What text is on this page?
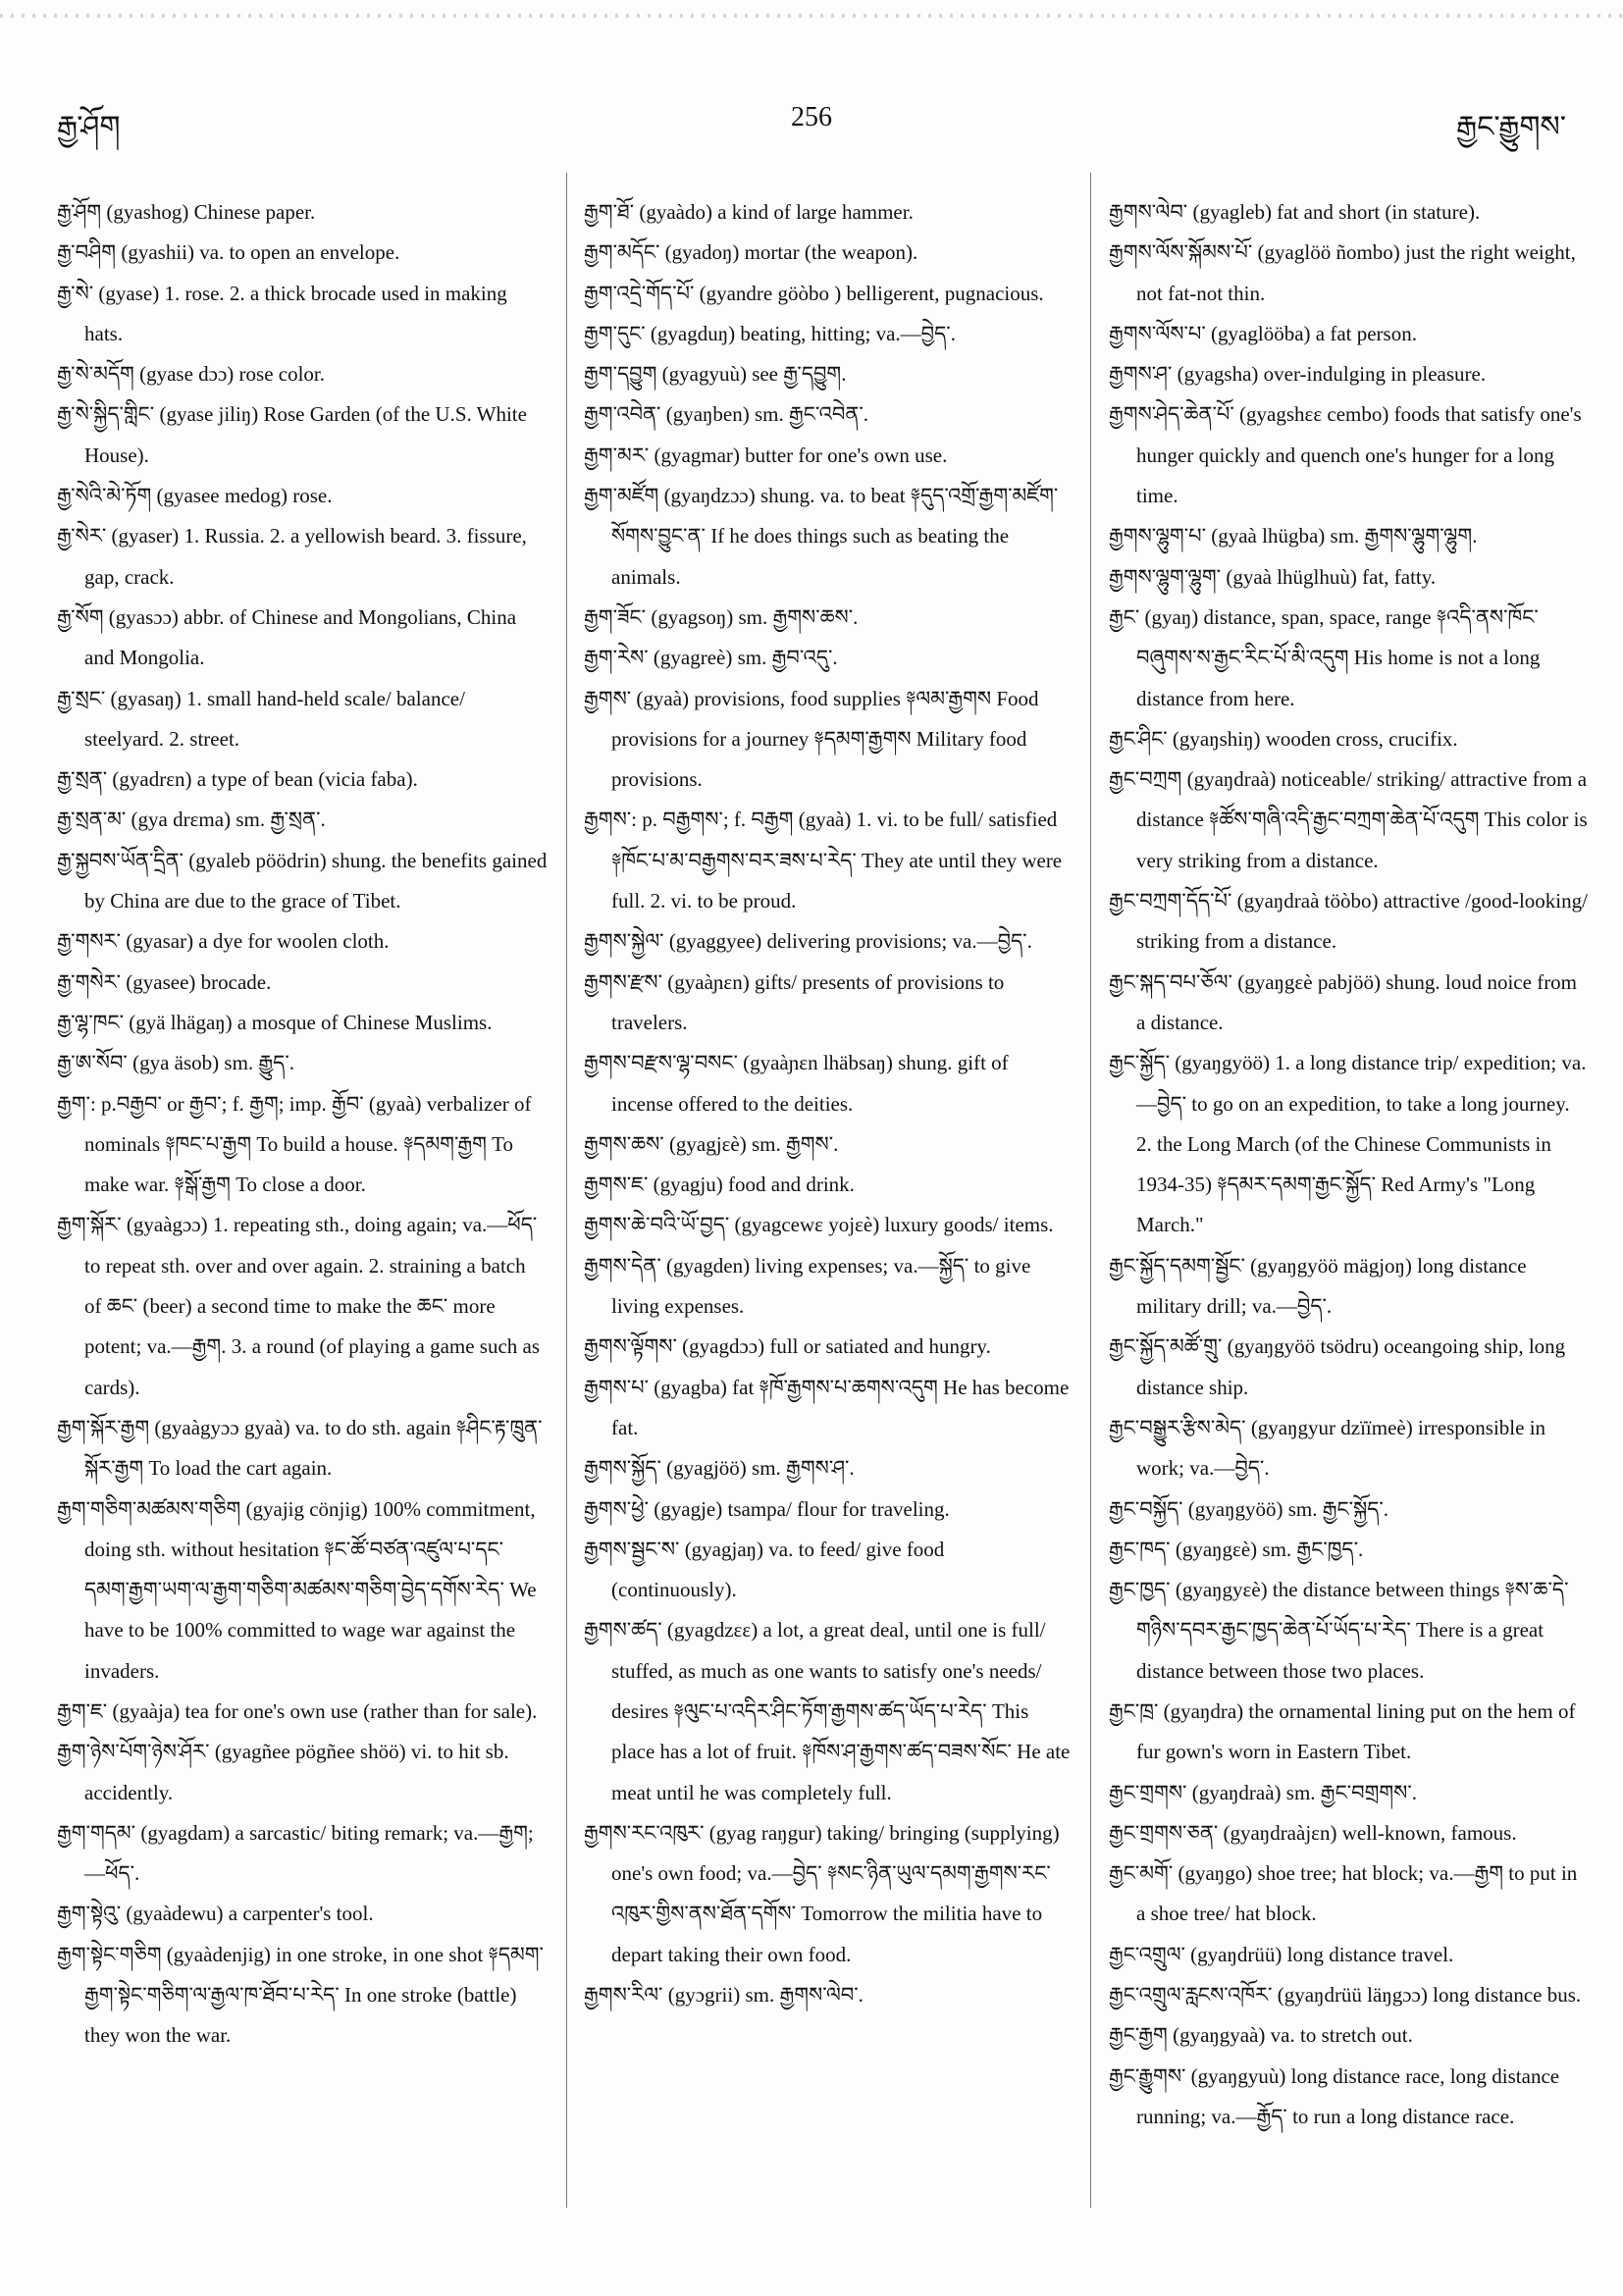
རྒྱ་ཤོག	256	རྒྱང་རྒྱུགས་

རྒྱ་ཤོག (gyashog) Chinese paper.

རྒྱ་བཤིག (gyashii) va. to open an envelope.

རྒྱ་སེ་ (gyase) 1. rose. 2. a thick brocade used in making hats.

རྒྱ་སེ་མདོག (gyase dɔɔ) rose color.

རྒྱ་སེ་སྐྱིད་གླིང་ (gyase jiliŋ) Rose Garden (of the U.S. White House).

རྒྱ་སེའི་མེ་ཏོག (gyasee medog) rose.

རྒྱ་སེར་ (gyaser) 1. Russia. 2. a yellowish beard. 3. fissure, gap, crack.

རྒྱ་སོག (gyasɔɔ) abbr. of Chinese and Mongolians, China and Mongolia.

རྒྱ་སྲང་ (gyasaŋ) 1. small hand-held scale/ balance/ steelyard. 2. street.

རྒྱ་སྲན་ (gyadrɛn) a type of bean (vicia faba).

རྒྱ་སྲན་མ་ (gya drɛma) sm. རྒྱ་སྲན་.

རྒྱ་སྐྱབས་ཡོན་དྲིན་ (gyaleb pöödrin) shung. the benefits gained by China are due to the grace of Tibet.

རྒྱ་གསར་ (gyasar) a dye for woolen cloth.

རྒྱ་གསེར་ (gyasee) brocade.

རྒྱ་ལྷ་ཁང་ (gyä lhägaŋ) a mosque of Chinese Muslims.

རྒྱ་ཨ་སོབ་ (gya äsob) sm. རྒྱུད་.

རྒྱག་: p.བརྒྱབ་ or རྒྱབ་; f. རྒྱག; imp. རྒྱོབ་ (gyaà) verbalizer of nominals ༈ཁང་པ་རྒྱག To build a house. ༈དམག་རྒྱག To make war. ༈སྒོ་རྒྱག To close a door.

རྒྱག་སྐོར་ (gyaàgɔɔ) 1. repeating sth., doing again; va.—ཕོད་ to repeat sth. over and over again. 2. straining a batch of ཆང་ (beer) a second time to make the ཆང་ more potent; va.—རྒྱག. 3. a round (of playing a game such as cards).

རྒྱག་སྐོར་རྒྱག (gyaàgyɔɔ gyaà) va. to do sth. again ༈ཤིང་རྟ་ཁྲུན་སྐོར་རྒྱག To load the cart again.

རྒྱག་གཅིག་མཚམས་གཅིག (gyajig cönjig) 100% commitment, doing sth. without hesitation ༈ང་ཚོ་བཙན་འཛུལ་པ་དང་དམག་རྒྱག་ཡག་ལ་རྒྱག་གཅིག་མཚམས་གཅིག་བྱེད་དགོས་རེད་ We have to be 100% committed to wage war against the invaders.

རྒྱག་ཇ་ (gyaàja) tea for one's own use (rather than for sale).

རྒྱག་ཉེས་པོག་ཉེས་ཤོར་ (gyagñee pögñee shöö) vi. to hit sb. accidently.

རྒྱག་གདམ་ (gyagdam) a sarcastic/ biting remark; va.—རྒྱག; —ཕོད་.

རྒྱག་སྟེའུ་ (gyaàdewu) a carpenter's tool.

རྒྱག་སྟེང་གཅིག (gyaàdenjig) in one stroke, in one shot ༈དམག་རྒྱག་སྟེང་གཅིག་ལ་རྒྱལ་ཁ་ཐོབ་པ་རེད་ In one stroke (battle) they won the war.

རྒྱག་ཐོ་ (gyaàdo) a kind of large hammer.

རྒྱག་མདོང་ (gyadoŋ) mortar (the weapon).

རྒྱག་འདྲེ་གོད་པོ་ (gyandre göòbo ) belligerent, pugnacious.

རྒྱག་དུང་ (gyagduŋ) beating, hitting; va.—བྱེད་.

རྒྱག་དབྱུག (gyagyuù) see རྒྱ་དབྱུག.

རྒྱག་འབེན་ (gyaŋben) sm. རྒྱང་འབེན་.

རྒྱག་མར་ (gyagmar) butter for one's own use.

རྒྱག་མཛོག (gyaŋdzɔɔ) shung. va. to beat ༈དུད་འགྲོ་རྒྱག་མཛོག་སོགས་བྱུང་ན་ If he does things such as beating the animals.

རྒྱག་ཟོང་ (gyagsoŋ) sm. རྒྱགས་ཆས་.

རྒྱག་རེས་ (gyagreè) sm. རྒྱབ་འདུ་.

རྒྱགས་ (gyaà) provisions, food supplies ༈ལམ་རྒྱགས Food provisions for a journey ༈དམག་རྒྱགས Military food provisions.

རྒྱགས་: p. བརྒྱགས་; f. བརྒྱག (gyaà) 1. vi. to be full/ satisfied ༈ཁོང་པ་མ་བརྒྱགས་བར་ཟས་པ་རེད་ They ate until they were full. 2. vi. to be proud.

རྒྱགས་སྐྱེལ་ (gyaggyee) delivering provisions; va.—བྱེད་.

རྒྱགས་རྫས་ (gyaàɲɛn) gifts/ presents of provisions to travelers.

རྒྱགས་བརྫས་ལྷ་བསང་ (gyaàɲɛn lhäbsaŋ) shung. gift of incense offered to the deities.

རྒྱགས་ཆས་ (gyagjɛè) sm. རྒྱགས་.

རྒྱགས་ཇ་ (gyagju) food and drink.

རྒྱགས་ཆེ་བའི་ཡོ་བྱད་ (gyagcewɛ yojɛè) luxury goods/ items.

རྒྱགས་དེན་ (gyagden) living expenses; va.—སྐྱོད་ to give living expenses.

རྒྱགས་ལྟོགས་ (gyagdɔɔ) full or satiated and hungry.

རྒྱགས་པ་ (gyagba) fat ༈ཁོ་རྒྱགས་པ་ཆགས་འདུག He has become fat.

རྒྱགས་སྐྱོད་ (gyagjöö) sm. རྒྱགས་ཤ་.

རྒྱགས་ཕྱེ་ (gyagje) tsampa/ flour for traveling.

རྒྱགས་སྦྱང་ས་ (gyagjaŋ) va. to feed/ give food (continuously).

རྒྱགས་ཚད་ (gyagdzɛɛ) a lot, a great deal, until one is full/ stuffed, as much as one wants to satisfy one's needs/ desires ༈ལུང་པ་འདིར་ཤིང་ཏོག་རྒྱགས་ཚད་ཡོད་པ་རེད་ This place has a lot of fruit. ༈ཁོས་ཤ་རྒྱགས་ཚད་བཟས་སོང་ He ate meat until he was completely full.

རྒྱགས་རང་འཁུར་ (gyag raŋgur) taking/ bringing (supplying) one's own food; va.—བྱེད་ ༈སང་ཉིན་ཡུལ་དམག་རྒྱགས་རང་འཁུར་གྱིས་ནས་ཐོན་དགོས་ Tomorrow the militia have to depart taking their own food.

རྒྱགས་རིལ་ (gyɔgrii) sm. རྒྱགས་ལེབ་.

རྒྱགས་ལེབ་ (gyagleb) fat and short (in stature).

རྒྱགས་ལོས་སྐོམས་པོ་ (gyaglöö ñombo) just the right weight, not fat-not thin.

རྒྱགས་ལོས་པ་ (gyaglööba) a fat person.

རྒྱགས་ཤ་ (gyagsha) over-indulging in pleasure.

རྒྱགས་ཤེད་ཆེན་པོ་ (gyagshɛɛ cembo) foods that satisfy one's hunger quickly and quench one's hunger for a long time.

རྒྱགས་ལྷུག་པ་ (gyaà lhügba) sm. རྒྱགས་ལྷུག་ལྷུག.

རྒྱགས་ལྷུག་ལྷུག་ (gyaà lhüglhuù) fat, fatty.

རྒྱང་ (gyaŋ) distance, span, space, range ༈འདི་ནས་ཁོང་བཞུགས་ས་རྒྱང་རིང་པོ་མི་འདུག His home is not a long distance from here.

རྒྱང་ཤིང་ (gyaŋshiŋ) wooden cross, crucifix.

རྒྱང་བཀྲག (gyaŋdraà) noticeable/ striking/ attractive from a distance ༈ཚོས་གཞི་འདི་རྒྱང་བཀྲག་ཆེན་པོ་འདུག This color is very striking from a distance.

རྒྱང་བཀྲག་དོད་པོ་ (gyaŋdraà töòbo) attractive /good-looking/ striking from a distance.

རྒྱང་སྐད་བཔ་ཅོལ་ (gyaŋgɛè pabjöö) shung. loud noice from a distance.

རྒྱང་སྐྱོད་ (gyaŋgyöö) 1. a long distance trip/ expedition; va.—བྱེད་ to go on an expedition, to take a long journey. 2. the Long March (of the Chinese Communists in 1934-35) ༈དམར་དམག་རྒྱང་སྐྱོད་ Red Army's "Long March."

རྒྱང་སྐྱོད་དམག་སྦྱོང་ (gyaŋgyöö mägjoŋ) long distance military drill; va.—བྱེད་.

རྒྱང་སྐྱོད་མཚོ་གྲུ་ (gyaŋgyöö tsödru) oceangoing ship, long distance ship.

རྒྱང་བསྒྱུར་རྩིས་མེད་ (gyaŋgyur dzïïmeè) irresponsible in work; va.—བྱེད་.

རྒྱང་བསྐྱོད་ (gyaŋgyöö) sm. རྒྱང་སྐྱོད་.

རྒྱང་ཁད་ (gyaŋgɛè) sm. རྒྱང་ཁྱད་.

རྒྱང་ཁྱད་ (gyaŋgyɛè) the distance between things ༈ས་ཆ་དེ་གཉིས་དབར་རྒྱང་ཁྱད་ཆེན་པོ་ཡོད་པ་རེད་ There is a great distance between those two places.

རྒྱང་ཁྲ་ (gyaŋdra) the ornamental lining put on the hem of fur gown's worn in Eastern Tibet.

རྒྱང་གྲགས་ (gyaŋdraà) sm. རྒྱང་བགྲགས་.

རྒྱང་གྲགས་ཅན་ (gyaŋdraàjɛn) well-known, famous.

རྒྱང་མགོ་ (gyaŋgo) shoe tree; hat block; va.—རྒྱག to put in a shoe tree/ hat block.

རྒྱང་འགྲུལ་ (gyaŋdrüü) long distance travel.

རྒྱང་འགྲུལ་རླངས་འཁོར་ (gyaŋdrüü läŋgɔɔ) long distance bus.

རྒྱང་རྒྱག (gyaŋgyaà) va. to stretch out.

རྒྱང་རྒྱུགས་ (gyaŋgyuù) long distance race, long distance running; va.—རྒྱོད་ to run a long distance race.
